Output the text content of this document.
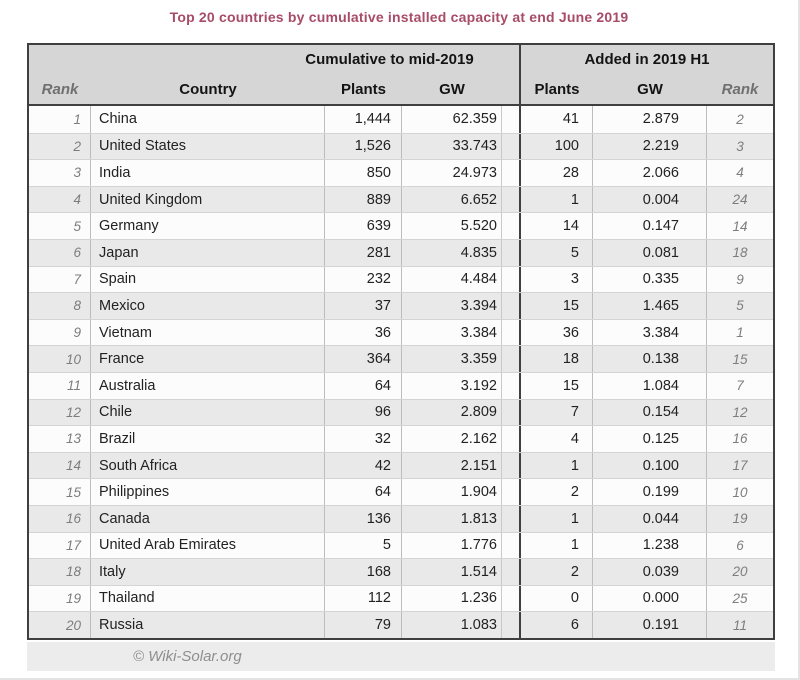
Top 20 countries by cumulative installed capacity at end June 2019
Cumulative to mid-2019	Added in 2019 H1
Rank	Country	Plants	GW	Plants	GW	Rank
1	China	1,444	62.359	41	2.879	2
2	United States	1,526	33.743	100	2.219	3
3	India	850	24.973	28	2.066	4
4	United Kingdom	889	6.652	1	0.004	24
5	Germany	639	5.520	14	0.147	14
6	Japan	281	4.835	5	0.081	18
7	Spain	232	4.484	3	0.335	9
8	Mexico	37	3.394	15	1.465	5
9	Vietnam	36	3.384	36	3.384	1
10	France	364	3.359	18	0.138	15
11	Australia	64	3.192	15	1.084	7
12	Chile	96	2.809	7	0.154	12
13	Brazil	32	2.162	4	0.125	16
14	South Africa	42	2.151	1	0.100	17
15	Philippines	64	1.904	2	0.199	10
16	Canada	136	1.813	1	0.044	19
17	United Arab Emirates	5	1.776	1	1.238	6
18	Italy	168	1.514	2	0.039	20
19	Thailand	112	1.236	0	0.000	25
20	Russia	79	1.083	6	0.191	11
© Wiki-Solar.org
